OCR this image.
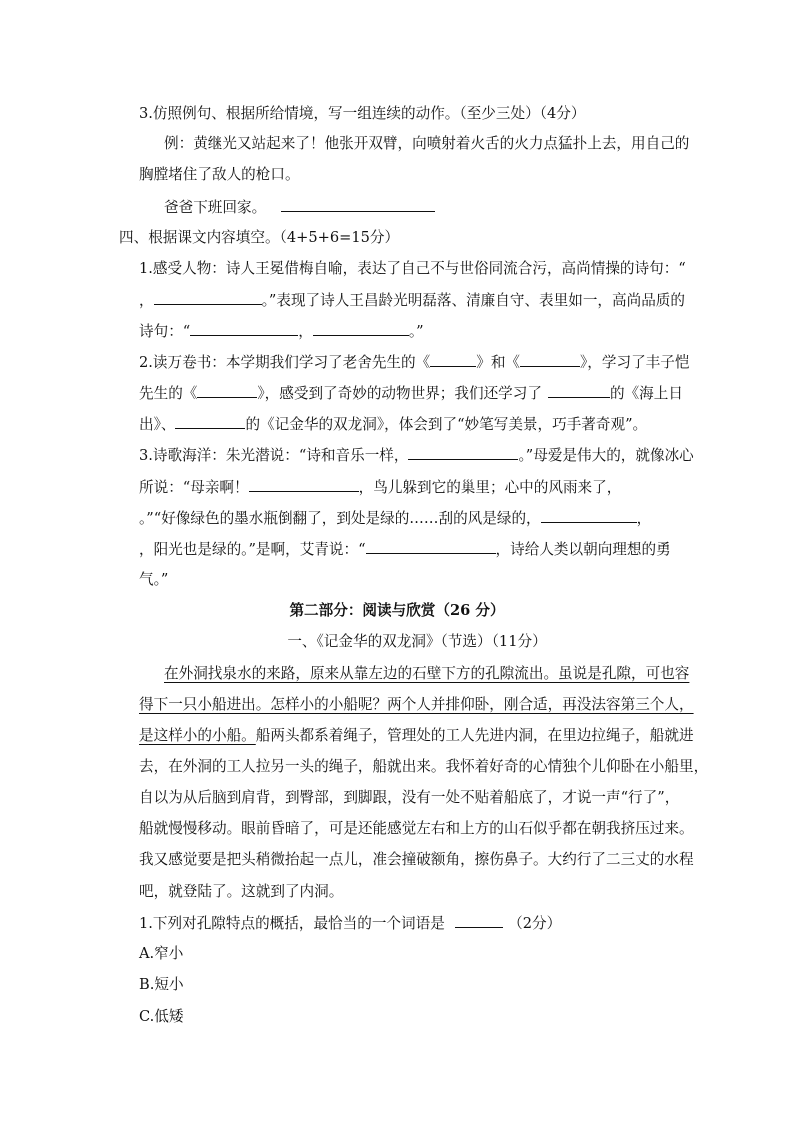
3.仿照例句、根据所给情境，写一组连续的动作。（至少三处）（4分）
例：黄继光又站起来了！他张开双臂，向喷射着火舌的火力点猛扑上去，用自己的
胸膛堵住了敌人的枪口。
爸爸下班回家。
四、根据课文内容填空。（4+5+6=15分）
1.感受人物：诗人王冕借梅自喻，表达了自己不与世俗同流合污，高尚情操的诗句：“
，	。”表现了诗人王昌龄光明磊落、清廉自守、表里如一，高尚品质的
诗句：“	，	。”
2.读万卷书：本学期我们学习了老舍先生的《	》和《	》，学习了丰子恺
先生的《	》，感受到了奇妙的动物世界；我们还学习了	的《海上日
出》、	的《记金华的双龙洞》，体会到了“妙笔写美景，巧手著奇观”。
3.诗歌海洋：朱光潜说：“诗和音乐一样，	。”母爱是伟大的，就像冰心
所说：“母亲啊！	，鸟儿躲到它的巢里；心中的风雨来了，
。”“好像绿色的墨水瓶倒翻了，到处是绿的……刮的风是绿的，	，
，阳光也是绿的。”是啊，艾青说：“	，诗给人类以朝向理想的勇
气。”
第二部分：阅读与欣赏（26 分）
一、《记金华的双龙洞》（节选）（11分）
在外洞找泉水的来路，原来从靠左边的石壁下方的孔隙流出。虽说是孔隙，可也容
得下一只小船进出。怎样小的小船呢？两个人并排仰卧，刚合适，再没法容第三个人，
是这样小的小船。船两头都系着绳子，管理处的工人先进内洞，在里边拉绳子，船就进
去，在外洞的工人拉另一头的绳子，船就出来。我怀着好奇的心情独个儿仰卧在小船里，
自以为从后脑到肩背，到臀部，到脚跟，没有一处不贴着船底了，才说一声“行了”，
船就慢慢移动。眼前昏暗了，可是还能感觉左右和上方的山石似乎都在朝我挤压过来。
我又感觉要是把头稍微抬起一点儿，准会撞破额角，擦伤鼻子。大约行了二三丈的水程
吧，就登陆了。这就到了内洞。
1.下列对孔隙特点的概括，最恰当的一个词语是	（2分）
A.窄小
B.短小
C.低矮
